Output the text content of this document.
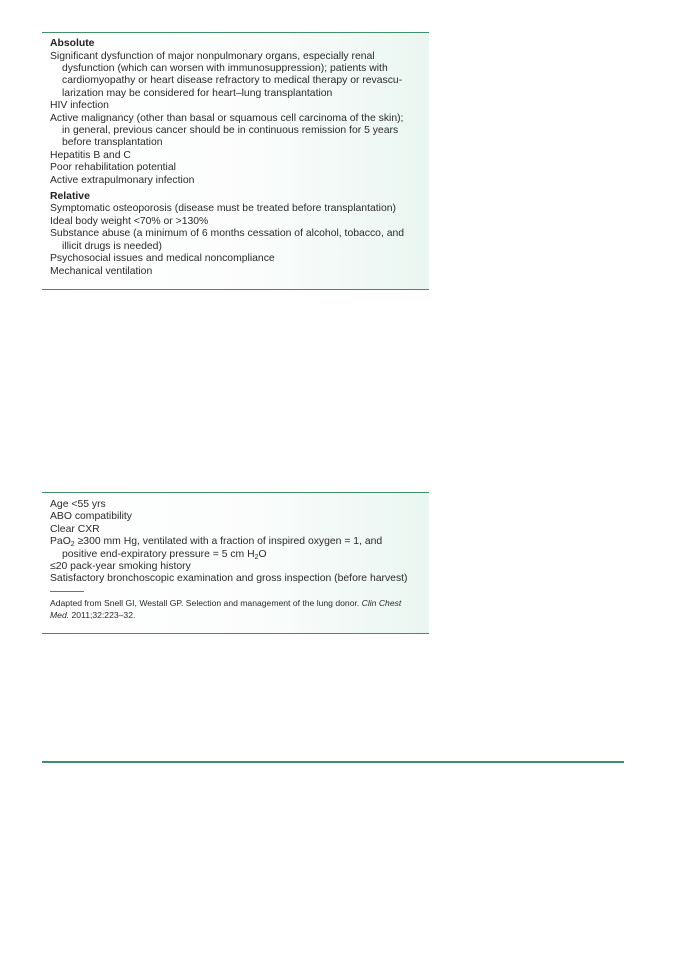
Absolute
Significant dysfunction of major nonpulmonary organs, especially renal
dysfunction (which can worsen with immunosuppression); patients with
cardiomyopathy or heart disease refractory to medical therapy or revascu-
larization may be considered for heart–lung transplantation
HIV infection
Active malignancy (other than basal or squamous cell carcinoma of the skin);
in general, previous cancer should be in continuous remission for 5 years
before transplantation
Hepatitis B and C
Poor rehabilitation potential
Active extrapulmonary infection
Relative
Symptomatic osteoporosis (disease must be treated before transplantation)
Ideal body weight <70% or >130%
Substance abuse (a minimum of 6 months cessation of alcohol, tobacco, and
illicit drugs is needed)
Psychosocial issues and medical noncompliance
Mechanical ventilation
Age <55 yrs
ABO compatibility
Clear CXR
PaO$_2$ ≥300 mm Hg, ventilated with a fraction of inspired oxygen = 1, and
positive end-expiratory pressure = 5 cm $H_2O$
≤20 pack-year smoking history
Satisfactory bronchoscopic examination and gross inspection (before harvest)
Adapted from Snell GI, Westall GP. Selection and management of the lung donor. Clin Chest
Med. 2011;32:223–32.
